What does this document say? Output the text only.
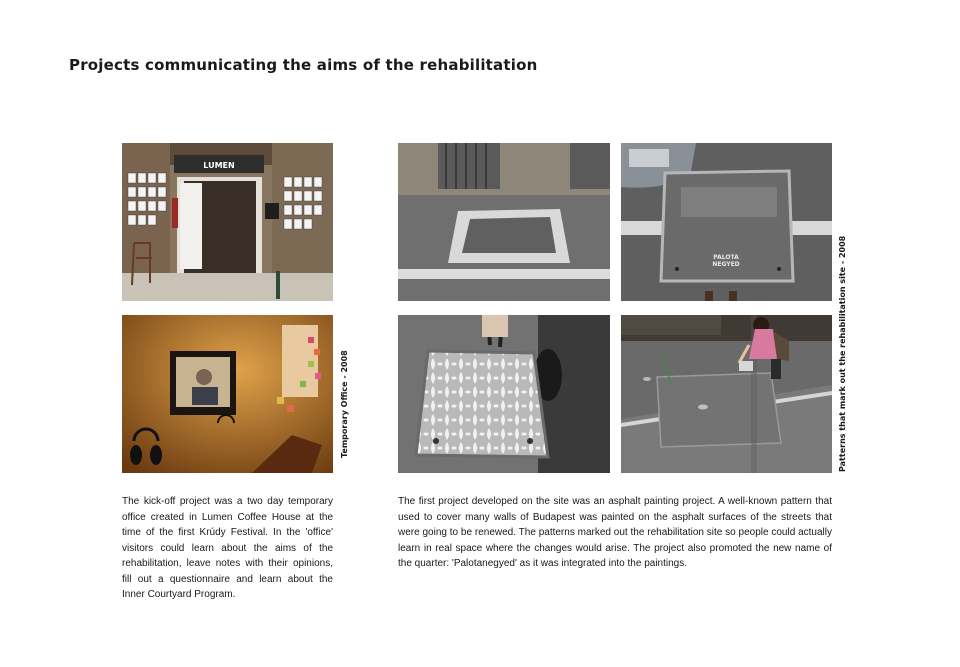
Projects communicating the aims of the rehabilitation
LUMEN
Temporary Office - 2008
PALOTA NEGYED	Patterns that mark out the rehabilitation site - 2008
The kick-off project was a two day temporary office created in Lumen Coffee House at the time of the first Krúdy Festival. In the 'office' visitors could learn about the aims of the rehabilitation, leave notes with their opinions, fill out a questionnaire and learn about the Inner Courtyard Program.
The first project developed on the site was an asphalt painting project. A well-known pattern that used to cover many walls of Budapest was painted on the asphalt surfaces of the streets that were going to be renewed. The patterns marked out the rehabilitation site so people could actually learn in real space where the changes would arise. The project also promoted the new name of the quarter: 'Palotanegyed' as it was integrated into the paintings.
